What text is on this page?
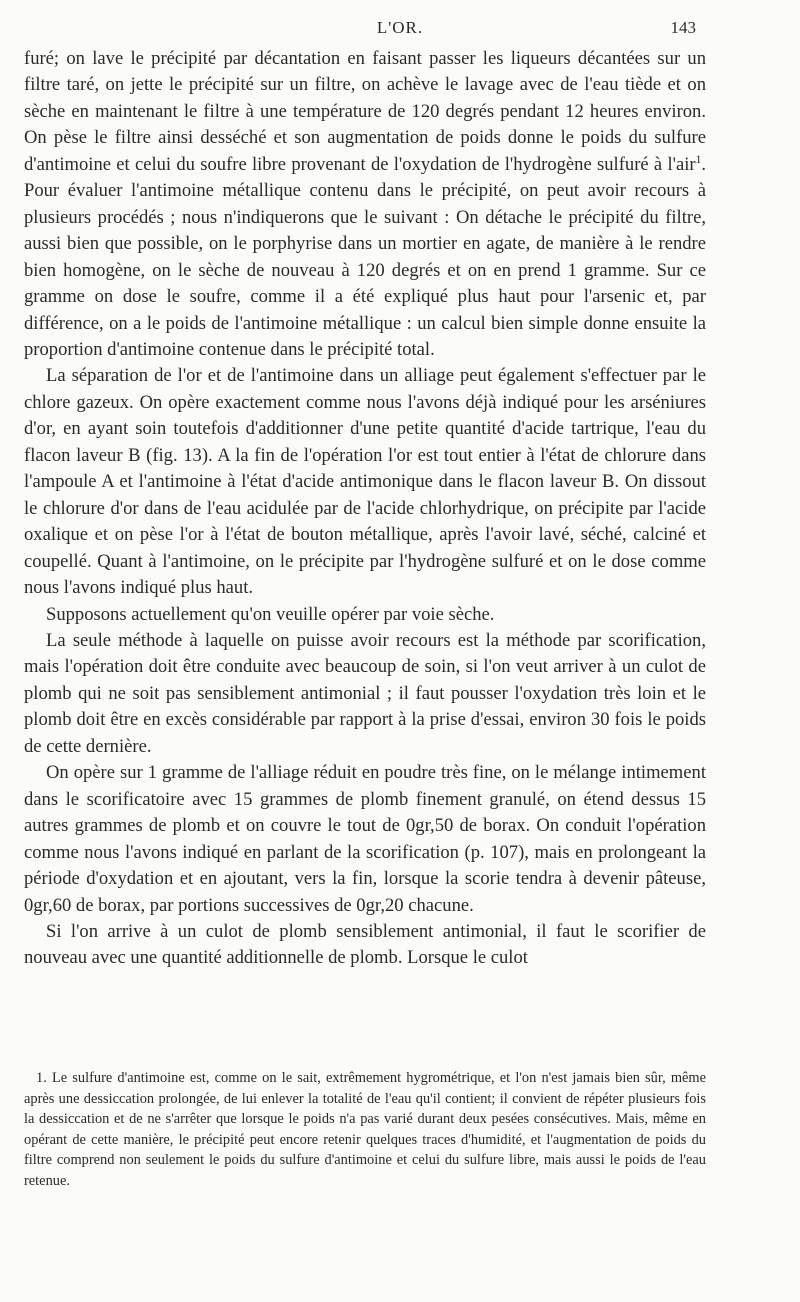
L'OR.	143

furé; on lave le précipité par décantation en faisant passer les liqueurs décantées sur un filtre taré, on jette le précipité sur un filtre, on achève le lavage avec de l'eau tiède et on sèche en maintenant le filtre à une température de 120 degrés pendant 12 heures environ. On pèse le filtre ainsi desséché et son augmentation de poids donne le poids du sulfure d'antimoine et celui du soufre libre provenant de l'oxydation de l'hydrogène sulfuré à l'air$^1$. Pour évaluer l'antimoine métallique contenu dans le précipité, on peut avoir recours à plusieurs procédés ; nous n'indiquerons que le suivant : On détache le précipité du filtre, aussi bien que possible, on le porphyrise dans un mortier en agate, de manière à le rendre bien homogène, on le sèche de nouveau à 120 degrés et on en prend 1 gramme. Sur ce gramme on dose le soufre, comme il a été expliqué plus haut pour l'arsenic et, par différence, on a le poids de l'antimoine métallique : un calcul bien simple donne ensuite la proportion d'antimoine contenue dans le précipité total.

La séparation de l'or et de l'antimoine dans un alliage peut également s'effectuer par le chlore gazeux. On opère exactement comme nous l'avons déjà indiqué pour les arséniures d'or, en ayant soin toutefois d'additionner d'une petite quantité d'acide tartrique, l'eau du flacon laveur B (fig. 13). A la fin de l'opération l'or est tout entier à l'état de chlorure dans l'ampoule A et l'antimoine à l'état d'acide antimonique dans le flacon laveur B. On dissout le chlorure d'or dans de l'eau acidulée par de l'acide chlorhydrique, on précipite par l'acide oxalique et on pèse l'or à l'état de bouton métallique, après l'avoir lavé, séché, calciné et coupellé. Quant à l'antimoine, on le précipite par l'hydrogène sulfuré et on le dose comme nous l'avons indiqué plus haut.

Supposons actuellement qu'on veuille opérer par voie sèche.

La seule méthode à laquelle on puisse avoir recours est la méthode par scorification, mais l'opération doit être conduite avec beaucoup de soin, si l'on veut arriver à un culot de plomb qui ne soit pas sensiblement antimonial ; il faut pousser l'oxydation très loin et le plomb doit être en excès considérable par rapport à la prise d'essai, environ 30 fois le poids de cette dernière.

On opère sur 1 gramme de l'alliage réduit en poudre très fine, on le mélange intimement dans le scorificatoire avec 15 grammes de plomb finement granulé, on étend dessus 15 autres grammes de plomb et on couvre le tout de 0gr,50 de borax. On conduit l'opération comme nous l'avons indiqué en parlant de la scorification (p. 107), mais en prolongeant la période d'oxydation et en ajoutant, vers la fin, lorsque la scorie tendra à devenir pâteuse, 0gr,60 de borax, par portions successives de 0gr,20 chacune.

Si l'on arrive à un culot de plomb sensiblement antimonial, il faut le scorifier de nouveau avec une quantité additionnelle de plomb. Lorsque le culot

1. Le sulfure d'antimoine est, comme on le sait, extrêmement hygrométrique, et l'on n'est jamais bien sûr, même après une dessiccation prolongée, de lui enlever la totalité de l'eau qu'il contient; il convient de répéter plusieurs fois la dessiccation et de ne s'arrêter que lorsque le poids n'a pas varié durant deux pesées consécutives. Mais, même en opérant de cette manière, le précipité peut encore retenir quelques traces d'humidité, et l'augmentation de poids du filtre comprend non seulement le poids du sulfure d'antimoine et celui du sulfure libre, mais aussi le poids de l'eau retenue.
